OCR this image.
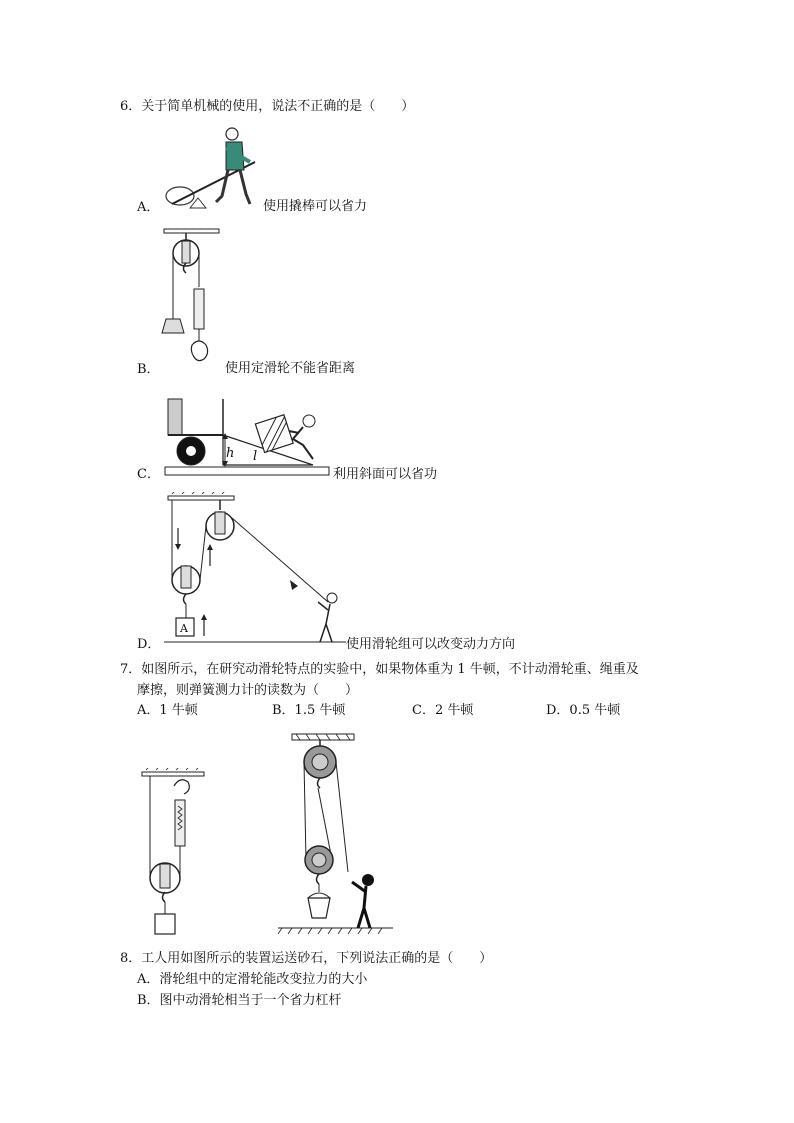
6．关于简单机械的使用，说法不正确的是（　　）
A．	使用撬棒可以省力
B．	使用定滑轮不能省距离
h l
C．	利用斜面可以省功
A
D．	使用滑轮组可以改变动力方向
7．如图所示，在研究动滑轮特点的实验中，如果物体重为 1 牛顿，不计动滑轮重、绳重及
摩擦，则弹簧测力计的读数为（　　）
A．1 牛顿	B．1.5 牛顿	C．2 牛顿	D．0.5 牛顿
8．工人用如图所示的装置运送砂石，下列说法正确的是（　　）
A．滑轮组中的定滑轮能改变拉力的大小
B．图中动滑轮相当于一个省力杠杆
